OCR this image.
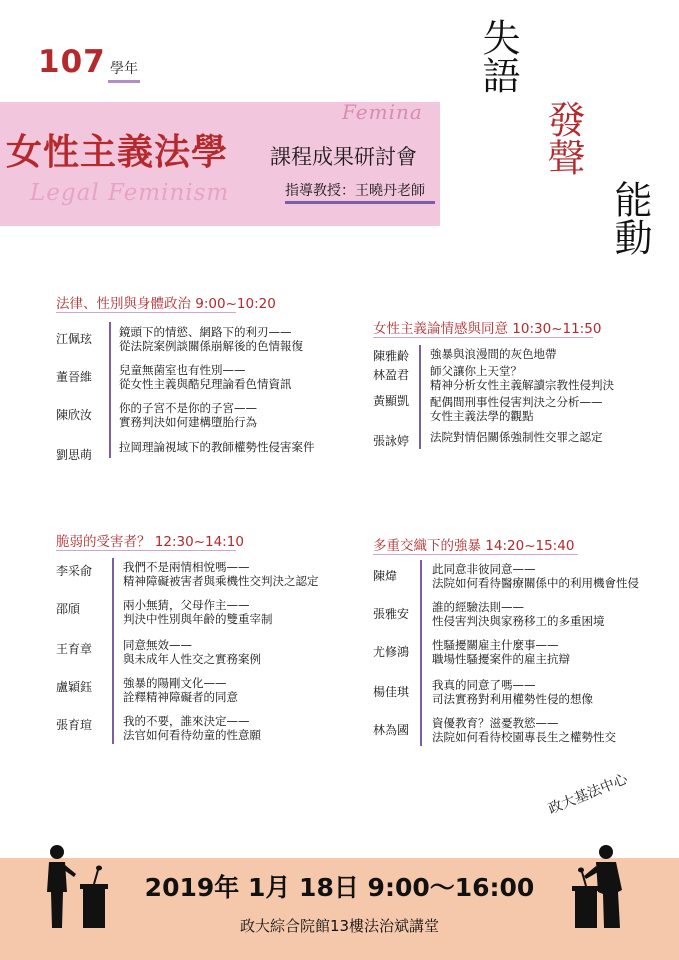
107 學年
Femina
Legal Feminism
女性主義法學 課程成果研討會
指導教授：王曉丹老師
失語
發聲
能動
法律、性別與身體政治 9:00~10:20
江佩玹 鏡頭下的情慾、網路下的利刃——
從法院案例談關係崩解後的色情報復
董晉維 兒童無菌室也有性別——
從女性主義與酷兒理論看色情資訊
陳欣汝 你的子宮不是你的子宮——
實務判決如何建構墮胎行為
劉思萌
拉岡理論視域下的教師權勢性侵害案件
女性主義論情感與同意 10:30~11:50
陳雅齡 強暴與浪漫間的灰色地帶
林盈君 師父讓你上天堂？
精神分析女性主義解讀宗教性侵判決
黃顯凱 配偶間刑事性侵害判決之分析——
女性主義法學的觀點
張詠婷 法院對情侶關係強制性交罪之認定
脆弱的受害者？ 12:30~14:10
李采俞	我們不是兩情相悅嗎——
精神障礙被害者與乘機性交判決之認定
邵頎	兩小無猜，父母作主——
判決中性別與年齡的雙重宰制
王育章	同意無效——
與未成年人性交之實務案例
盧穎鈺	強暴的陽剛文化——
詮釋精神障礙者的同意
張育瑄	我的不要，誰來決定——
法官如何看待幼童的性意願
多重交織下的強暴 14:20~15:40
陳煒	此同意非彼同意——
法院如何看待醫療關係中的利用機會性侵
張雅安 誰的經驗法則——
性侵害判決與家務移工的多重困境
尤修鴻 性騷擾關雇主什麼事——
職場性騷擾案件的雇主抗辯
楊佳琪 我真的同意了嗎——
司法實務對利用權勢性侵的想像
林為國 資優教育？滋憂教慾——
法院如何看待校園專長生之權勢性交
政大基法中心
2019年 1月 18日 9:00～16:00
政大綜合院館13樓法治斌講堂
